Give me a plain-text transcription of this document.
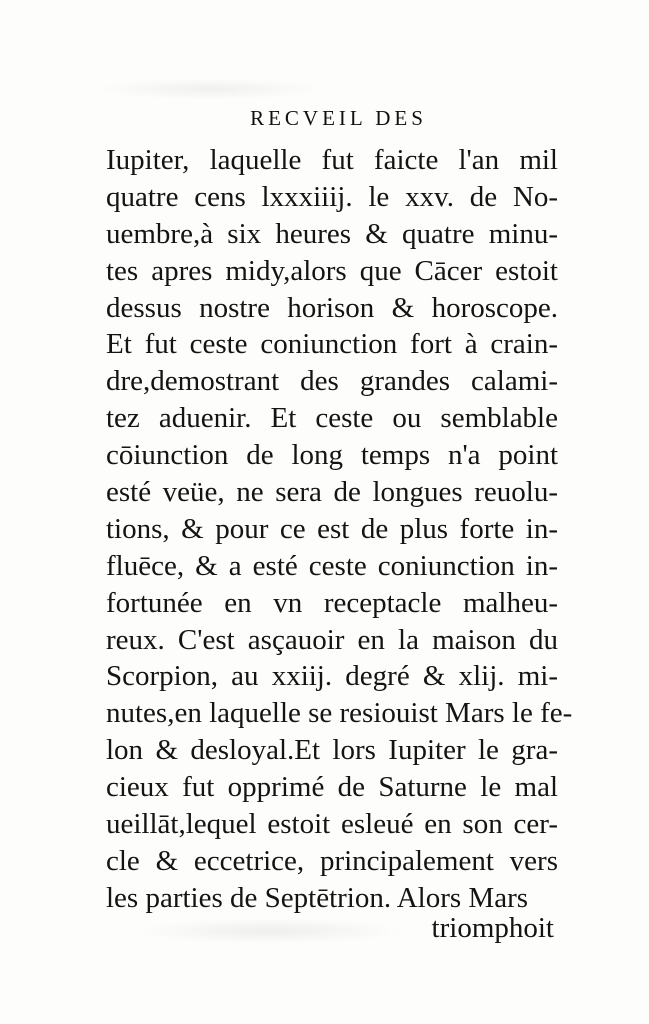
RECVEIL DES
Iupiter, laquelle fut faicte l'an mil
quatre cens lxxxiiij. le xxv. de No-
uembre,à six heures & quatre minu-
tes apres midy,alors que Cācer estoit
dessus nostre horison & horoscope.
Et fut ceste coniunction fort à crain-
dre,demostrant des grandes calami-
tez aduenir. Et ceste ou semblable
cōiunction de long temps n'a point
esté veüe, ne sera de longues reuolu-
tions, & pour ce est de plus forte in-
fluēce, & a esté ceste coniunction in-
fortunée en vn receptacle malheu-
reux. C'est asçauoir en la maison du
Scorpion, au xxiij. degré & xlij. mi-
nutes,en laquelle se resiouist Mars le fe-
lon & desloyal.Et lors Iupiter le gra-
cieux fut opprimé de Saturne le mal
ueillāt,lequel estoit esleué en son cer-
cle & eccetrice, principalement vers
les parties de Septētrion. Alors Mars
triomphoit
